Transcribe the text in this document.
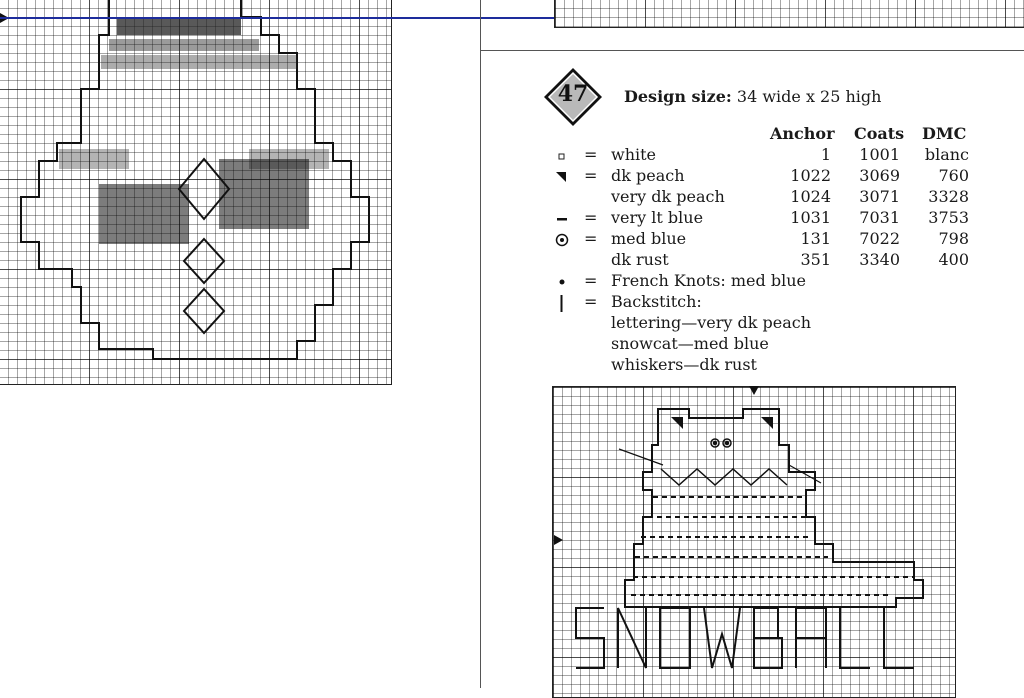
47	Design size: 34 wide x 25 high
Anchor Coats DMC
= white	1	1001	blanc
= dk peach	1022	3069	760
very dk peach	1024	3071	3328
= very lt blue	1031	7031	3753
= med blue	131	7022	798
dk rust	351	3340	400
= French Knots: med blue
= Backstitch:
lettering—very dk peach
snowcat—med blue
whiskers—dk rust
